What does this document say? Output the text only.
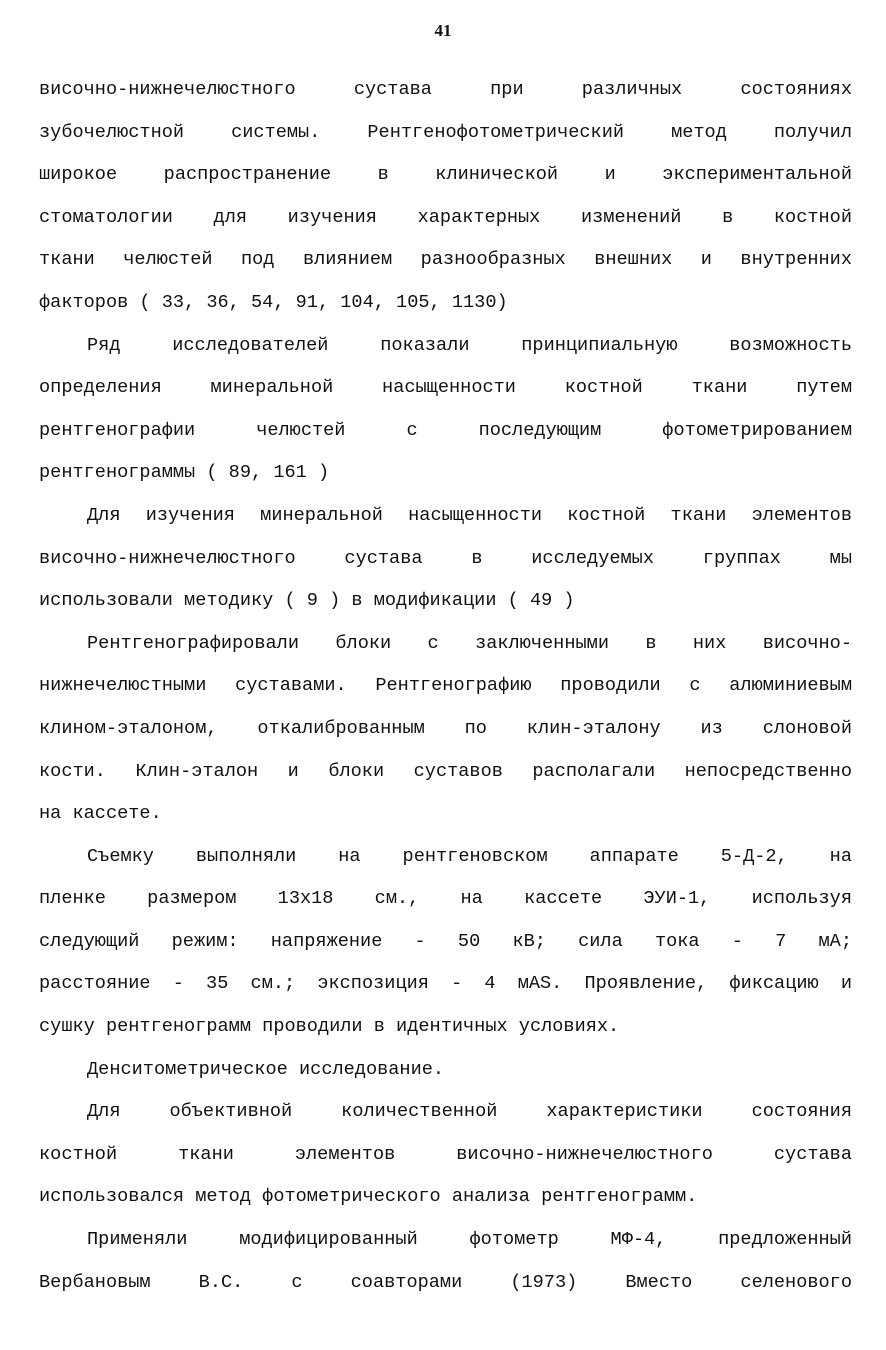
41
височно-нижнечелюстного сустава при различных состояниях
зубочелюстной системы. Рентгенофотометрический метод получил
широкое распространение в клинической и экспериментальной
стоматологии для изучения характерных изменений в костной
ткани челюстей под влиянием разнообразных внешних и внутренних
факторов ( 33, 36, 54, 91, 104, 105, 1130)
Ряд исследователей показали принципиальную возможность
определения минеральной насыщенности костной ткани путем
рентгенографии челюстей с последующим фотометрированием
рентгенограммы ( 89, 161 )
Для изучения минеральной насыщенности костной ткани элементов
височно-нижнечелюстного сустава в исследуемых группах мы
использовали методику ( 9 ) в модификации ( 49 )
Рентгенографировали блоки с заключенными в них височно-
нижнечелюстными суставами. Рентгенографию проводили с алюминиевым
клином-эталоном, откалиброванным по клин-эталону из слоновой
кости. Клин-эталон и блоки суставов располагали непосредственно
на кассете.
Съемку выполняли на рентгеновском аппарате 5-Д-2, на
пленке размером 13x18 см., на кассете ЭУИ-1, используя
следующий режим: напряжение - 50 кВ; сила тока - 7 мА;
расстояние - 35 см.; экспозиция - 4 мAS. Проявление, фиксацию и
сушку рентгенограмм проводили в идентичных условиях.
Денситометрическое исследование.
Для объективной количественной характеристики состояния
костной ткани элементов височно-нижнечелюстного сустава
использовался метод фотометрического анализа рентгенограмм.
Применяли модифицированный фотометр МФ-4, предложенный
Вербановым В.С. с соавторами (1973) Вместо селенового
